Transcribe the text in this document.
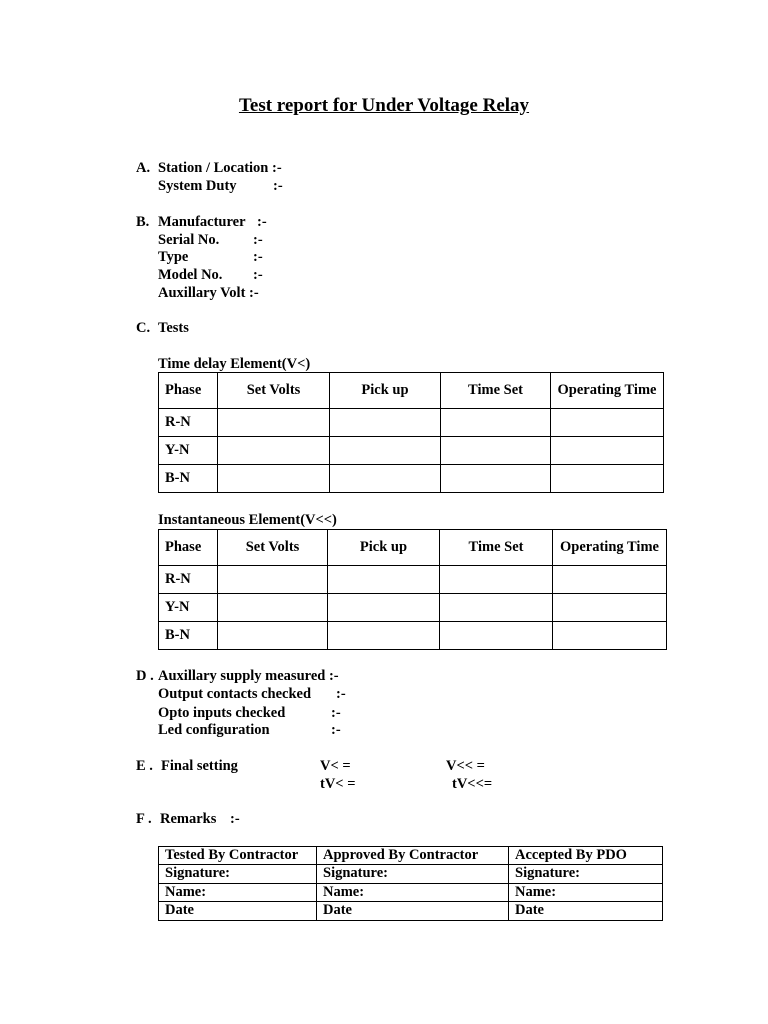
Test report for Under Voltage Relay
A. Station / Location :-
System Duty	:-
B. Manufacturer :-
Serial No. :-
Type	:-
Model No. :-
Auxillary Volt :-
C. Tests
Time delay Element(V<)
Phase	Set Volts	Pick up	Time Set	Operating Time
R-N				
Y-N				
B-N				
Instantaneous Element(V<<)
Phase	Set Volts	Pick up	Time Set	Operating Time
R-N				
Y-N				
B-N				
D . Auxillary supply measured :-
Output contacts checked :-
Opto inputs checked	:-
Led configuration	:-
E . Final setting	V< =	V<< =
tV< =	tV<<=
F . Remarks :-
Tested By Contractor	Approved By Contractor	Accepted By PDO
Signature:	Signature:	Signature:
Name:	Name:	Name:
Date	Date	Date
